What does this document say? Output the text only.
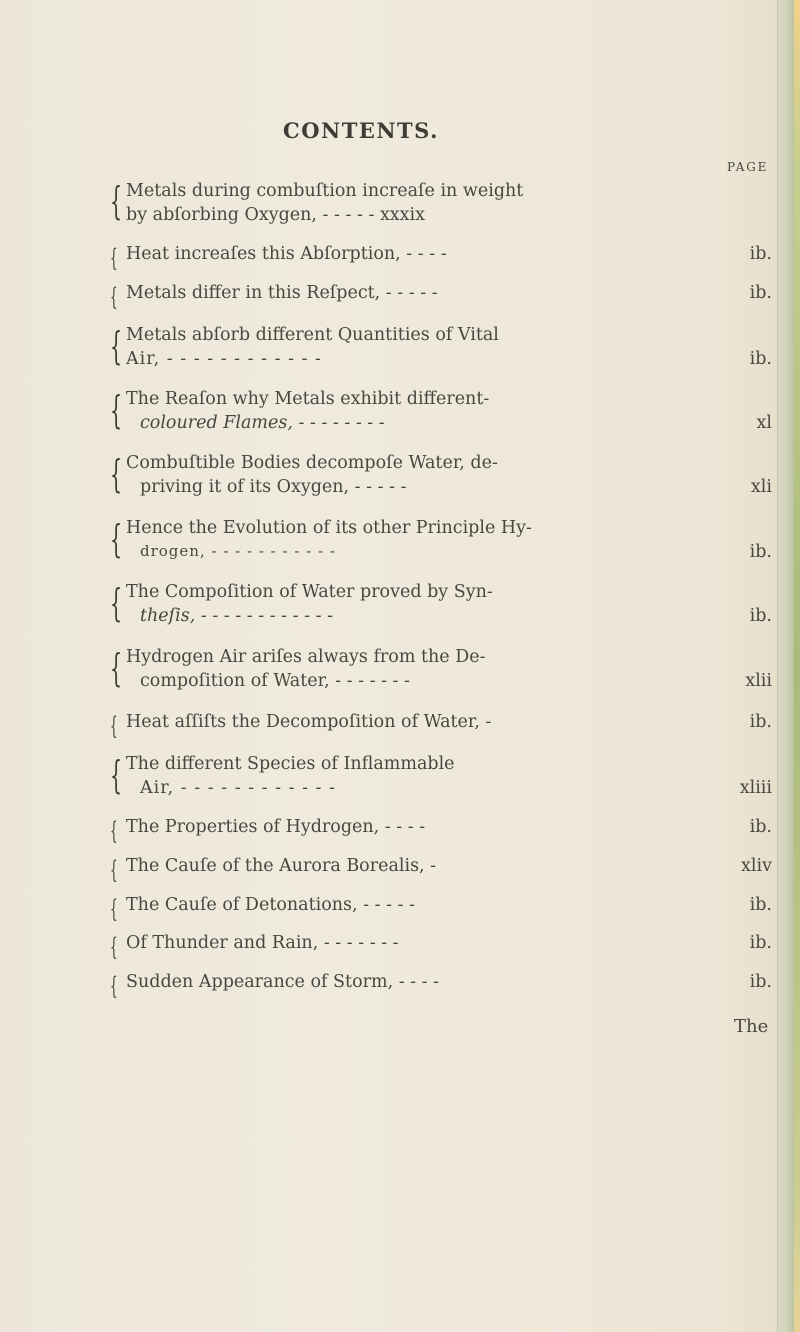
CONTENTS.
PAGE
{ Metals during combuſtion increaſe in weight
by abſorbing Oxygen, - - - - - xxxix
{ Heat increaſes this Abſorption, - - - -	ib.
{ Metals differ in this Reſpect, - - - - -	ib.
{ Metals abſorb different Quantities of Vital
Air, - - - - - - - - - - - -	ib.
{ The Reaſon why Metals exhibit different-
coloured Flames, - - - - - - - -	xl
{ Combuſtible Bodies decompoſe Water, de-
priving it of its Oxygen, - - - - -	xli
{ Hence the Evolution of its other Principle Hy-
drogen, - - - - - - - - - - -	ib.
{ The Compoſition of Water proved by Syn-
theſis, - - - - - - - - - - - -	ib.
{ Hydrogen Air ariſes always from the De-
compoſition of Water, - - - - - - -	xlii
{ Heat aſſiſts the Decompoſition of Water, -	ib.
{ The different Species of Inflammable
Air, - - - - - - - - - - - -	xliii
{ The Properties of Hydrogen, - - - -	ib.
{ The Cauſe of the Aurora Borealis, -	xliv
{ The Cauſe of Detonations, - - - - -	ib.
{ Of Thunder and Rain, - - - - - - -	ib.
{ Sudden Appearance of Storm, - - - -	ib.
The
